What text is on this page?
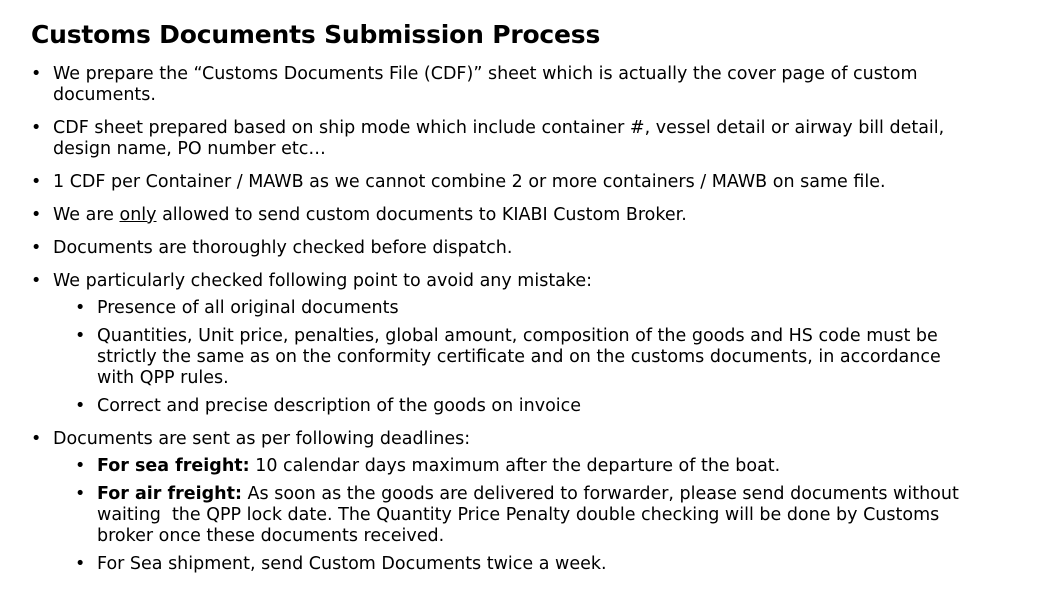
Customs Documents Submission Process
• We prepare the “Customs Documents File (CDF)” sheet which is actually the cover page of custom
documents.
• CDF sheet prepared based on ship mode which include container #, vessel detail or airway bill detail,
design name, PO number etc…
• 1 CDF per Container / MAWB as we cannot combine 2 or more containers / MAWB on same file.
• We are only allowed to send custom documents to KIABI Custom Broker.
• Documents are thoroughly checked before dispatch.
• We particularly checked following point to avoid any mistake:
• Presence of all original documents
• Quantities, Unit price, penalties, global amount, composition of the goods and HS code must be
strictly the same as on the conformity certificate and on the customs documents, in accordance
with QPP rules.
• Correct and precise description of the goods on invoice
• Documents are sent as per following deadlines:
• For sea freight: 10 calendar days maximum after the departure of the boat.
• For air freight: As soon as the goods are delivered to forwarder, please send documents without
waiting  the QPP lock date. The Quantity Price Penalty double checking will be done by Customs
broker once these documents received.
• For Sea shipment, send Custom Documents twice a week.
